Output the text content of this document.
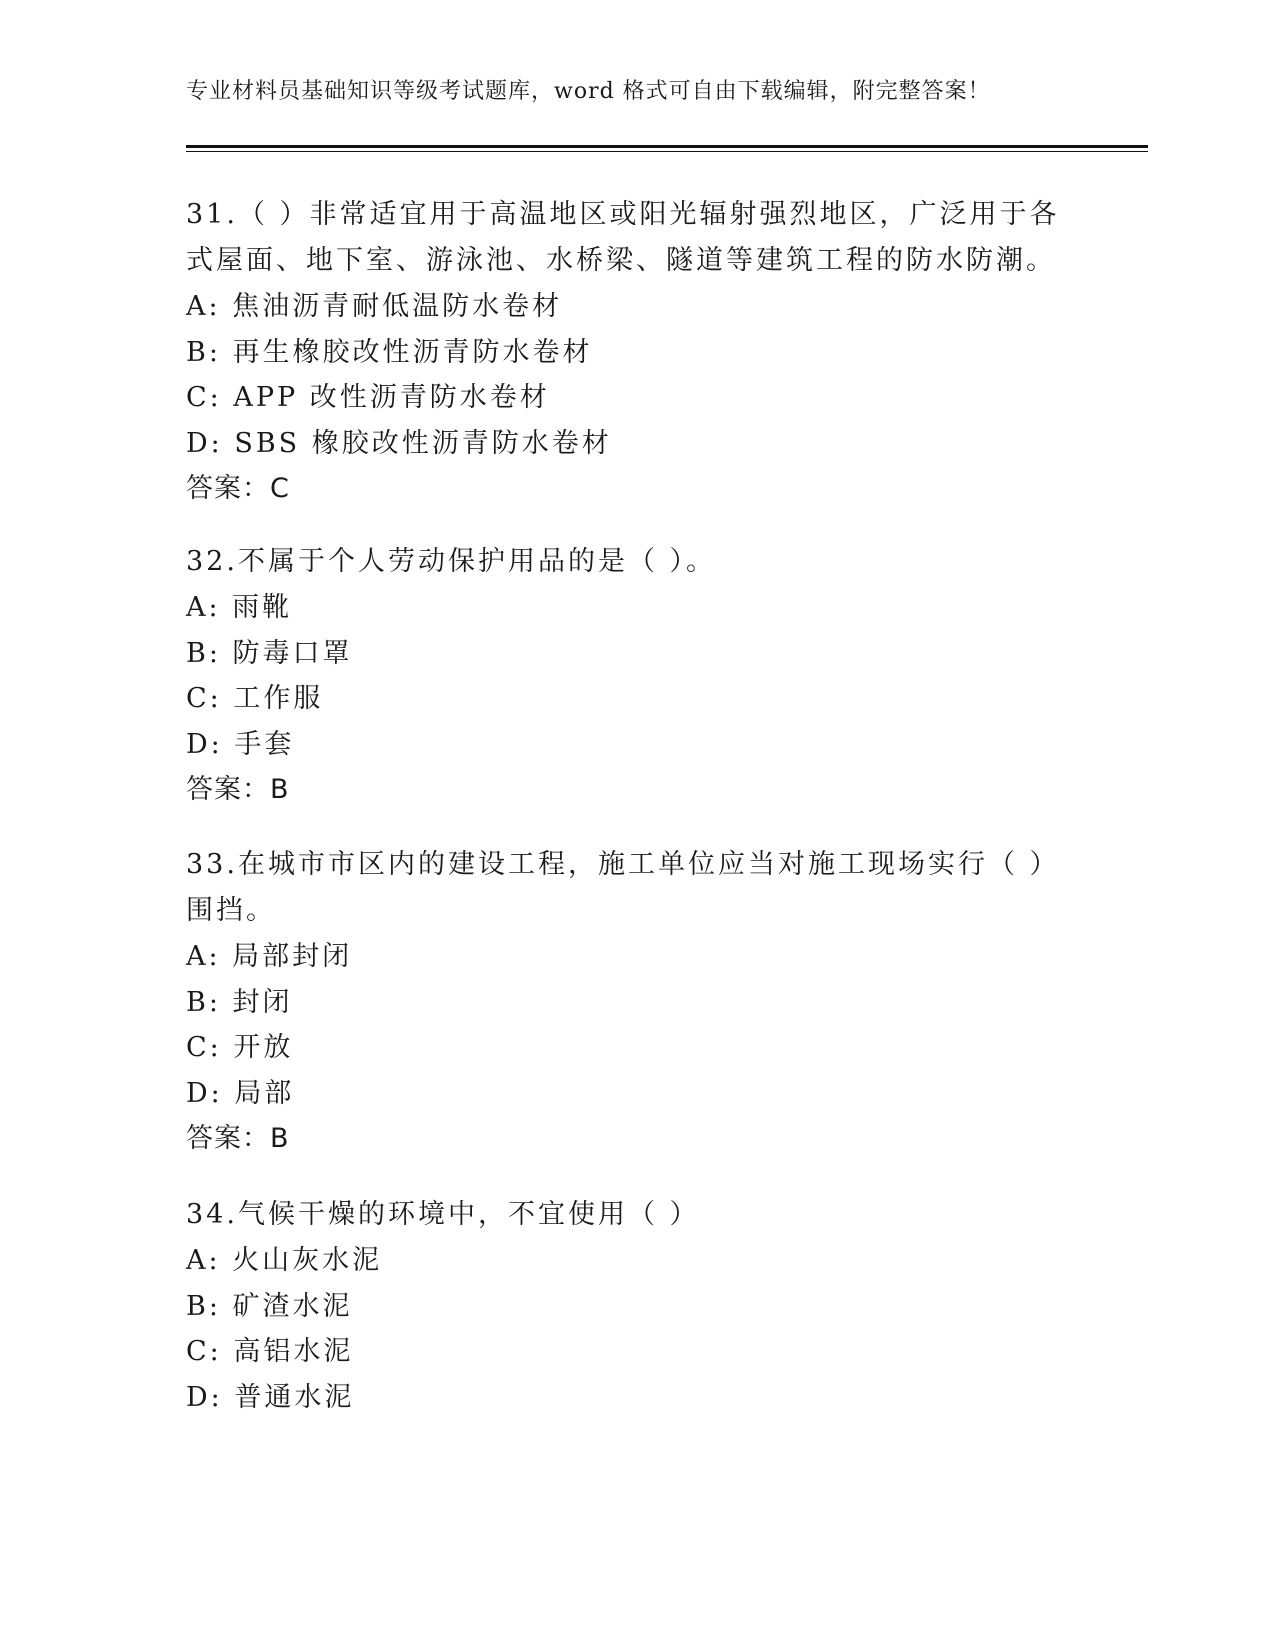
专业材料员基础知识等级考试题库，word 格式可自由下载编辑，附完整答案！

31.（ ）非常适宜用于高温地区或阳光辐射强烈地区，广泛用于各式屋面、地下室、游泳池、水桥梁、隧道等建筑工程的防水防潮。

A: 焦油沥青耐低温防水卷材

B: 再生橡胶改性沥青防水卷材

C: APP 改性沥青防水卷材

D: SBS 橡胶改性沥青防水卷材

答案：C

32.不属于个人劳动保护用品的是（ ）。

A: 雨靴

B: 防毒口罩

C: 工作服

D: 手套

答案：B

33.在城市市区内的建设工程，施工单位应当对施工现场实行（ ）围挡。

A: 局部封闭

B: 封闭

C: 开放

D: 局部

答案：B

34.气候干燥的环境中，不宜使用（ ）

A: 火山灰水泥

B: 矿渣水泥

C: 高铝水泥

D: 普通水泥
